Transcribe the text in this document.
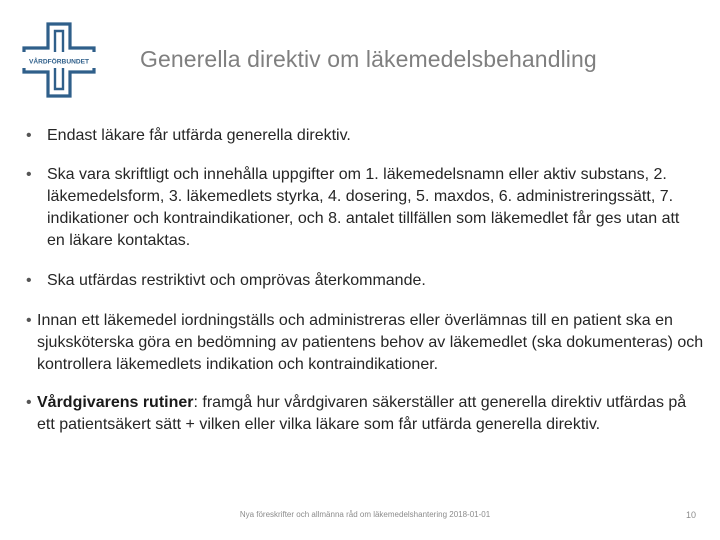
VÅRDFÖRBUNDET Generella direktiv om läkemedelsbehandling
• Endast läkare får utfärda generella direktiv.
• Ska vara skriftligt och innehålla uppgifter om 1. läkemedelsnamn eller aktiv substans, 2. läkemedelsform, 3. läkemedlets styrka, 4. dosering, 5. maxdos, 6. administreringssätt, 7. indikationer och kontraindikationer, och 8. antalet tillfällen som läkemedlet får ges utan att en läkare kontaktas.
• Ska utfärdas restriktivt och omprövas återkommande.
• Innan ett läkemedel iordningställs och administreras eller överlämnas till en patient ska en sjuksköterska göra en bedömning av patientens behov av läkemedlet (ska dokumenteras) och kontrollera läkemedlets indikation och kontraindikationer.
• Vårdgivarens rutiner: framgå hur vårdgivaren säkerställer att generella direktiv utfärdas på ett patientsäkert sätt + vilken eller vilka läkare som får utfärda generella direktiv.
Nya föreskrifter och allmänna råd om läkemedelshantering 2018-01-01	10
